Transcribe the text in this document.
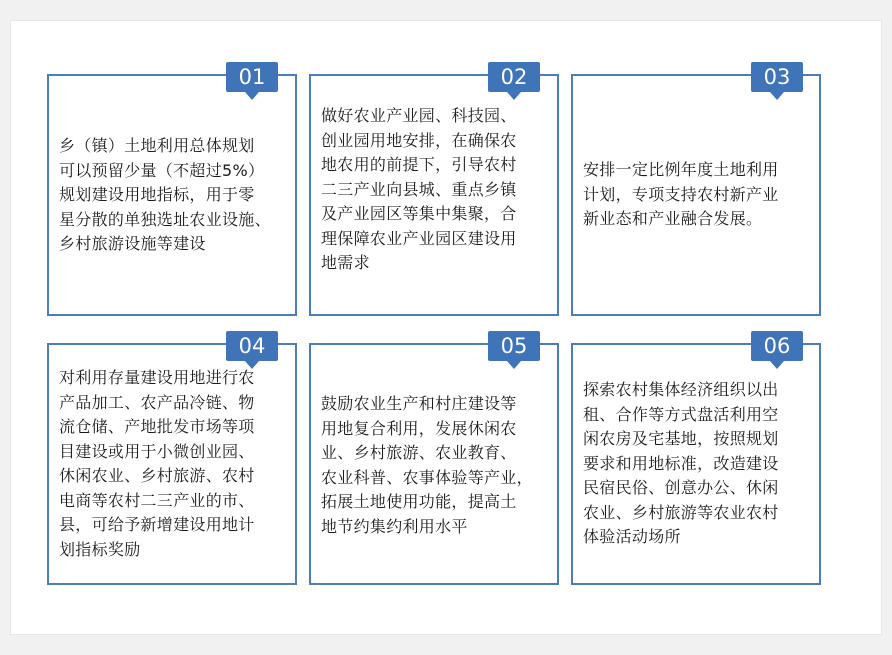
乡（镇）土地利用总体规划
可以预留少量（不超过5%）
规划建设用地指标，用于零
星分散的单独选址农业设施、
乡村旅游设施等建设
01
做好农业产业园、科技园、
创业园用地安排，在确保农
地农用的前提下，引导农村
二三产业向县城、重点乡镇
及产业园区等集中集聚，合
理保障农业产业园区建设用
地需求
02
安排一定比例年度土地利用
计划，专项支持农村新产业
新业态和产业融合发展。
03
对利用存量建设用地进行农
产品加工、农产品冷链、物
流仓储、产地批发市场等项
目建设或用于小微创业园、
休闲农业、乡村旅游、农村
电商等农村二三产业的市、
县，可给予新增建设用地计
划指标奖励
04
鼓励农业生产和村庄建设等
用地复合利用，发展休闲农
业、乡村旅游、农业教育、
农业科普、农事体验等产业，
拓展土地使用功能，提高土
地节约集约利用水平
05
探索农村集体经济组织以出
租、合作等方式盘活利用空
闲农房及宅基地，按照规划
要求和用地标准，改造建设
民宿民俗、创意办公、休闲
农业、乡村旅游等农业农村
体验活动场所
06
